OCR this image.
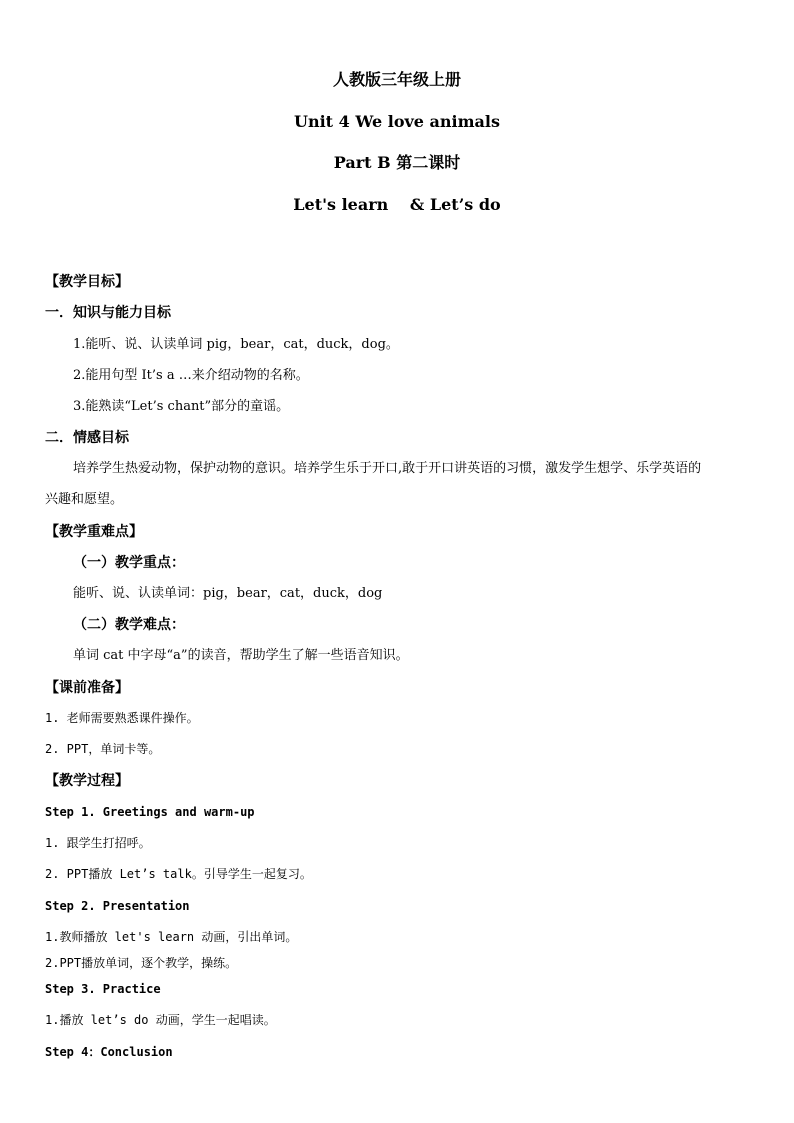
人教版三年级上册
Unit 4 We love animals
Part B 第二课时
Let's learn　 & Let’s do
【教学目标】
一．知识与能力目标
1.能听、说、认读单词 pig，bear，cat，duck，dog。
2.能用句型 It’s a …来介绍动物的名称。
3.能熟读“Let’s chant”部分的童谣。
二．情感目标
培养学生热爱动物，保护动物的意识。培养学生乐于开口,敢于开口讲英语的习惯，激发学生想学、乐学英语的
兴趣和愿望。
【教学重难点】
（一）教学重点：
能听、说、认读单词：pig，bear，cat，duck，dog
（二）教学难点：
单词 cat 中字母“a”的读音，帮助学生了解一些语音知识。
【课前准备】
1. 老师需要熟悉课件操作。
2. PPT，单词卡等。
【教学过程】
Step 1. Greetings and warm-up
1. 跟学生打招呼。
2. PPT播放 Let’s talk。引导学生一起复习。
Step 2. Presentation
1.教师播放 let's learn 动画，引出单词。
2.PPT播放单词，逐个教学，操练。
Step 3. Practice
1.播放 let’s do 动画，学生一起唱读。
Step 4：Conclusion
